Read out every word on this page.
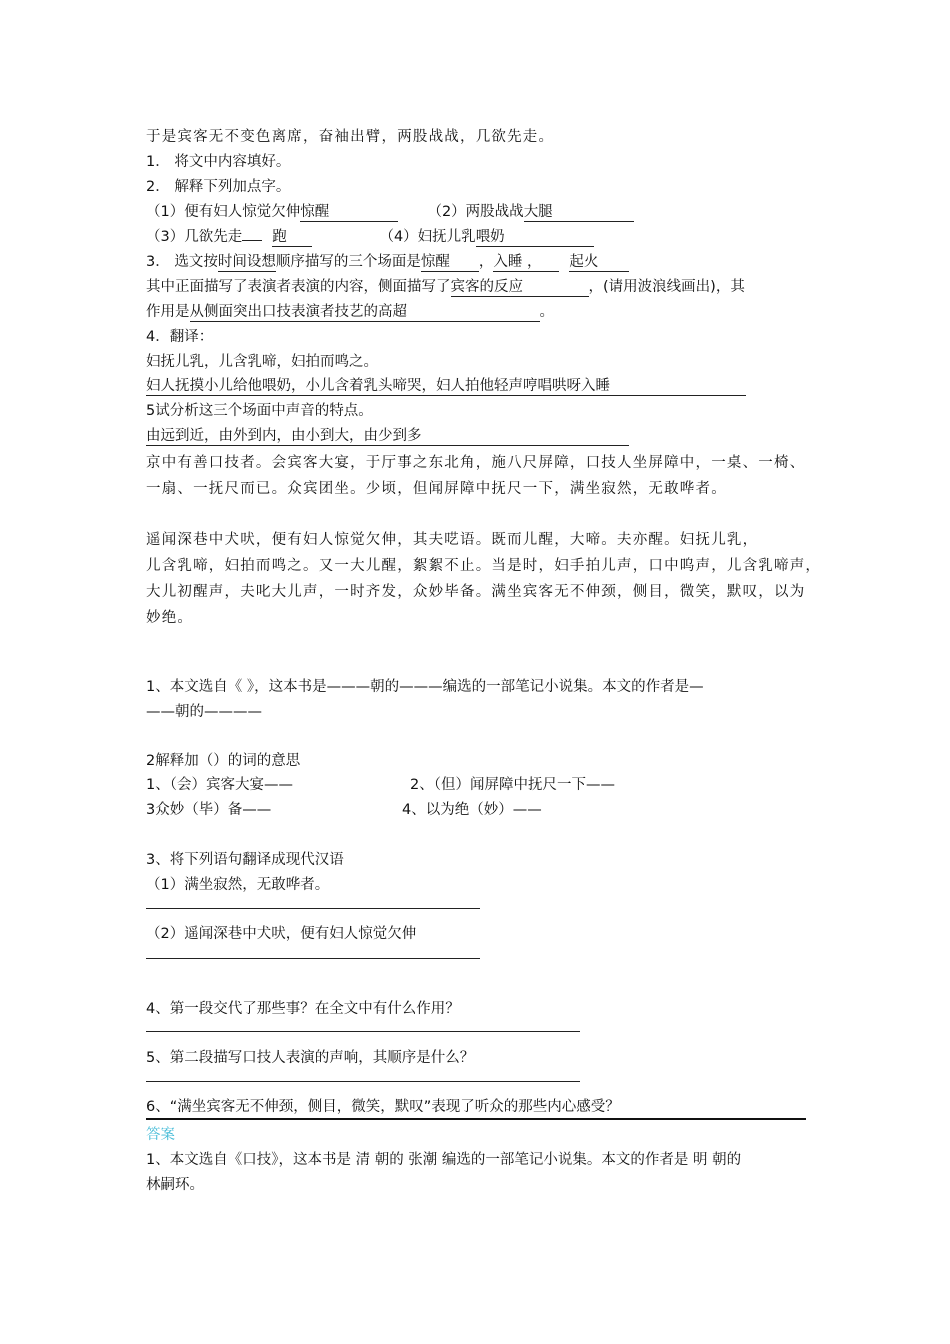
于是宾客无不变色离席，奋袖出臂，两股战战，几欲先走。
1． 将文中内容填好。
2． 解释下列加点字。
（1）便有妇人惊觉欠伸惊醒	（2）两股战战大腿
（3）几欲先走 跑	（4）妇抚儿乳喂奶
3． 选文按时间设想顺序描写的三个场面是惊醒，入睡 ，起火
其中正面描写了表演者表演的内容，侧面描写了宾客的反应	，(请用波浪线画出)，其
作用是从侧面突出口技表演者技艺的高超	。
4．翻译：
妇抚儿乳，儿含乳啼，妇拍而鸣之。
妇人抚摸小儿给他喂奶，小儿含着乳头啼哭，妇人拍他轻声哼唱哄呀入睡
5试分析这三个场面中声音的特点。
由远到近，由外到内，由小到大，由少到多
京中有善口技者。会宾客大宴，于厅事之东北角，施八尺屏障，口技人坐屏障中，一桌、一椅、
一扇、一抚尺而已。众宾团坐。少顷，但闻屏障中抚尺一下，满坐寂然，无敢哗者。
遥闻深巷中犬吠，便有妇人惊觉欠伸，其夫呓语。既而儿醒，大啼。夫亦醒。妇抚儿乳，
儿含乳啼，妇拍而鸣之。又一大儿醒，絮絮不止。当是时，妇手拍儿声，口中呜声，儿含乳啼声，
大儿初醒声，夫叱大儿声，一时齐发，众妙毕备。满坐宾客无不伸颈，侧目，微笑，默叹，以为
妙绝。
1、本文选自《 》，这本书是———朝的———编选的一部笔记小说集。本文的作者是—
——朝的————
2解释加（）的词的意思
1、（会）宾客大宴——	2、（但）闻屏障中抚尺一下——
3众妙（毕）备——	4、以为绝（妙）——
3、将下列语句翻译成现代汉语
（1）满坐寂然，无敢哗者。
（2）遥闻深巷中犬吠，便有妇人惊觉欠伸
4、第一段交代了那些事？在全文中有什么作用？
5、第二段描写口技人表演的声响，其顺序是什么？
6、“满坐宾客无不伸颈，侧目，微笑，默叹”表现了听众的那些内心感受？
答案
1、本文选自《口技》，这本书是 清 朝的 张潮 编选的一部笔记小说集。本文的作者是 明 朝的
林嗣环。
